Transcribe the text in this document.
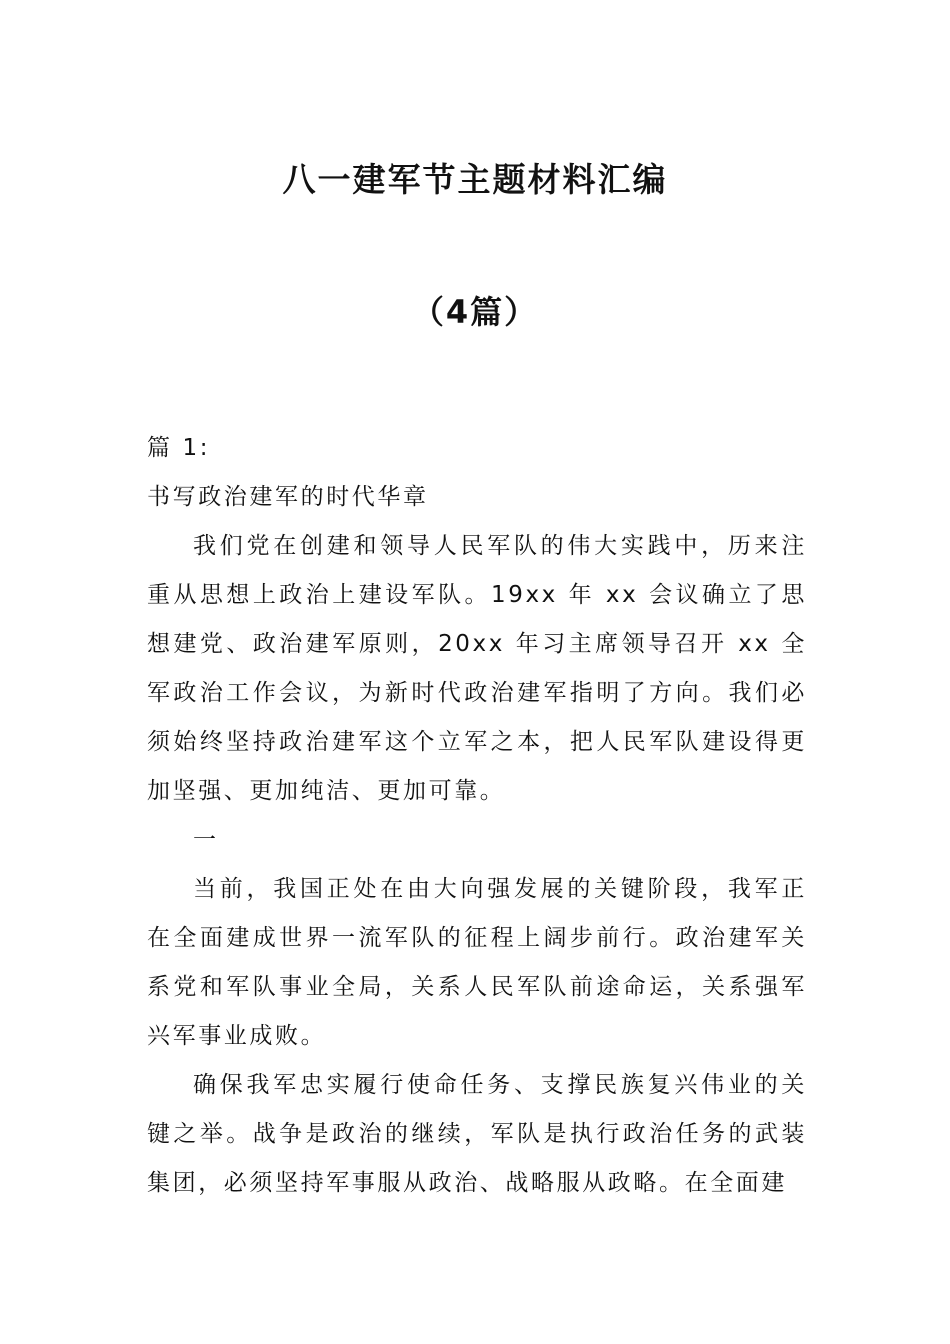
八一建军节主题材料汇编
（4篇）

篇 1:

书写政治建军的时代华章

我们党在创建和领导人民军队的伟大实践中，历来注重从思想上政治上建设军队。19xx 年 xx 会议确立了思想建党、政治建军原则，20xx 年习主席领导召开 xx 全军政治工作会议，为新时代政治建军指明了方向。我们必须始终坚持政治建军这个立军之本，把人民军队建设得更加坚强、更加纯洁、更加可靠。

一

当前，我国正处在由大向强发展的关键阶段，我军正在全面建成世界一流军队的征程上阔步前行。政治建军关系党和军队事业全局，关系人民军队前途命运，关系强军兴军事业成败。

确保我军忠实履行使命任务、支撑民族复兴伟业的关键之举。战争是政治的继续，军队是执行政治任务的武装集团，必须坚持军事服从政治、战略服从政略。在全面建
